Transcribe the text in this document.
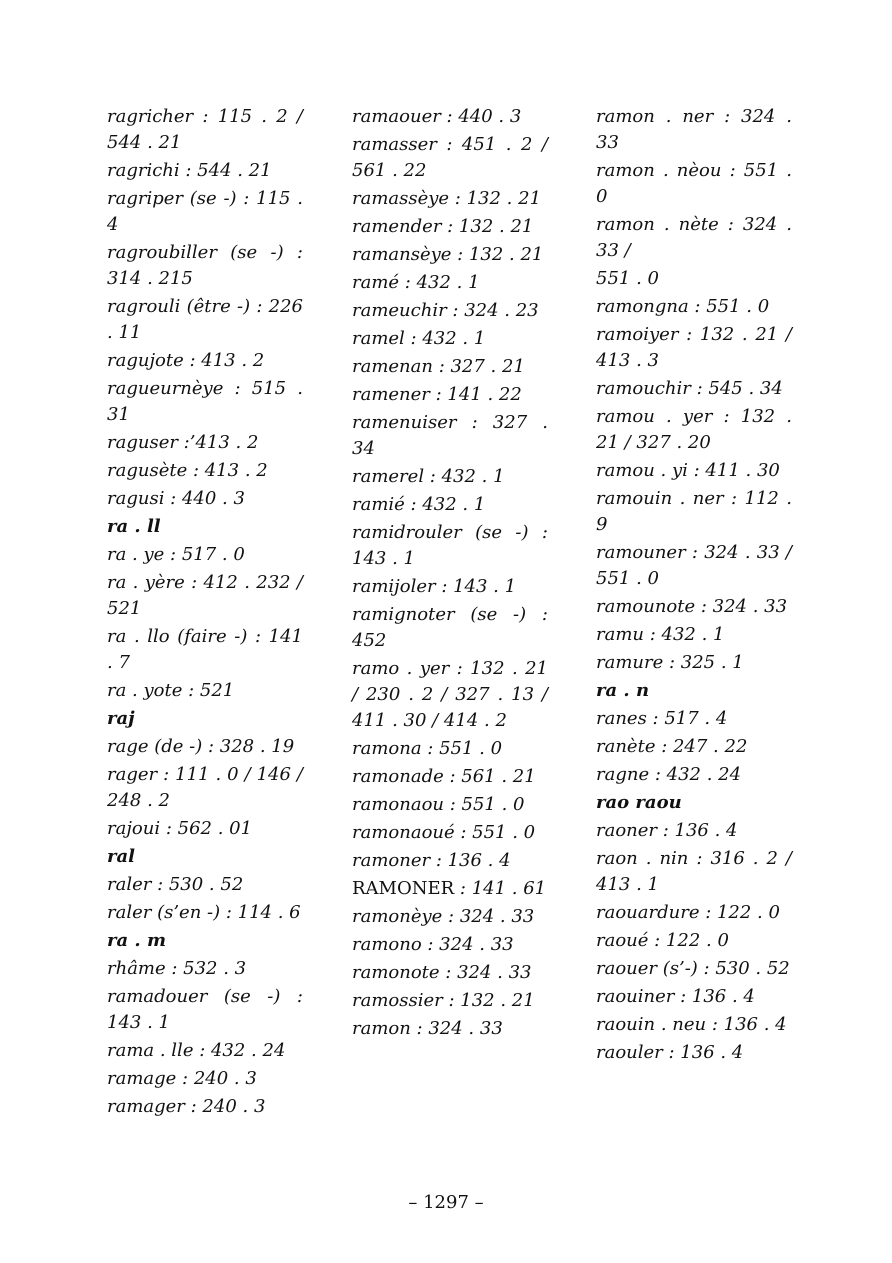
ragricher : 115 . 2 / 544 . 21
ragrichi : 544 . 21
ragriper (se -) : 115 . 4
ragroubiller (se -) : 314 . 215
ragrouli (être -) : 226 . 11
ragujote : 413 . 2
ragueurnèye : 515 . 31
raguser :’413 . 2
ragusète : 413 . 2
ragusi : 440 . 3
ra . ll
ra . ye : 517 . 0
ra . yère : 412 . 232 / 521
ra . llo (faire -) : 141 . 7
ra . yote : 521
raj
rage (de -) : 328 . 19
rager : 111 . 0 / 146 / 248 . 2
rajoui : 562 . 01
ral
raler : 530 . 52
raler (s’en -) : 114 . 6
ra . m
rhâme : 532 . 3
ramadouer (se -) : 143 . 1
rama . lle : 432 . 24
ramage : 240 . 3
ramager : 240 . 3
ramaouer : 440 . 3
ramasser : 451 . 2 / 561 . 22
ramassèye : 132 . 21
ramender : 132 . 21
ramansèye : 132 . 21
ramé : 432 . 1
rameuchir : 324 . 23
ramel : 432 . 1
ramenan : 327 . 21
ramener : 141 . 22
ramenuiser : 327 . 34
ramerel : 432 . 1
ramié : 432 . 1
ramidrouler (se -) : 143 . 1
ramijoler : 143 . 1
ramignoter (se -) : 452
ramo . yer : 132 . 21 / 230 . 2 / 327 . 13 / 411 . 30 / 414 . 2
ramona : 551 . 0
ramonade : 561 . 21
ramonaou : 551 . 0
ramonaoué : 551 . 0
ramoner : 136 . 4
RAMONER : 141 . 61
ramonèye : 324 . 33
ramono : 324 . 33
ramonote : 324 . 33
ramossier : 132 . 21
ramon : 324 . 33
ramon . ner : 324 . 33
ramon . nèou : 551 . 0
ramon . nète : 324 . 33 /
551 . 0
ramongna : 551 . 0
ramoiyer : 132 . 21 / 413 . 3
ramouchir : 545 . 34
ramou . yer : 132 . 21 / 327 . 20
ramou . yi : 411 . 30
ramouin . ner : 112 . 9
ramouner : 324 . 33 / 551 . 0
ramounote : 324 . 33
ramu : 432 . 1
ramure : 325 . 1
ra . n
ranes : 517 . 4
ranète : 247 . 22
ragne : 432 . 24
rao raou
raoner : 136 . 4
raon . nin : 316 . 2 / 413 . 1
raouardure : 122 . 0
raoué : 122 . 0
raouer (s’-) : 530 . 52
raouiner : 136 . 4
raouin . neu : 136 . 4
raouler : 136 . 4
– 1297 –
